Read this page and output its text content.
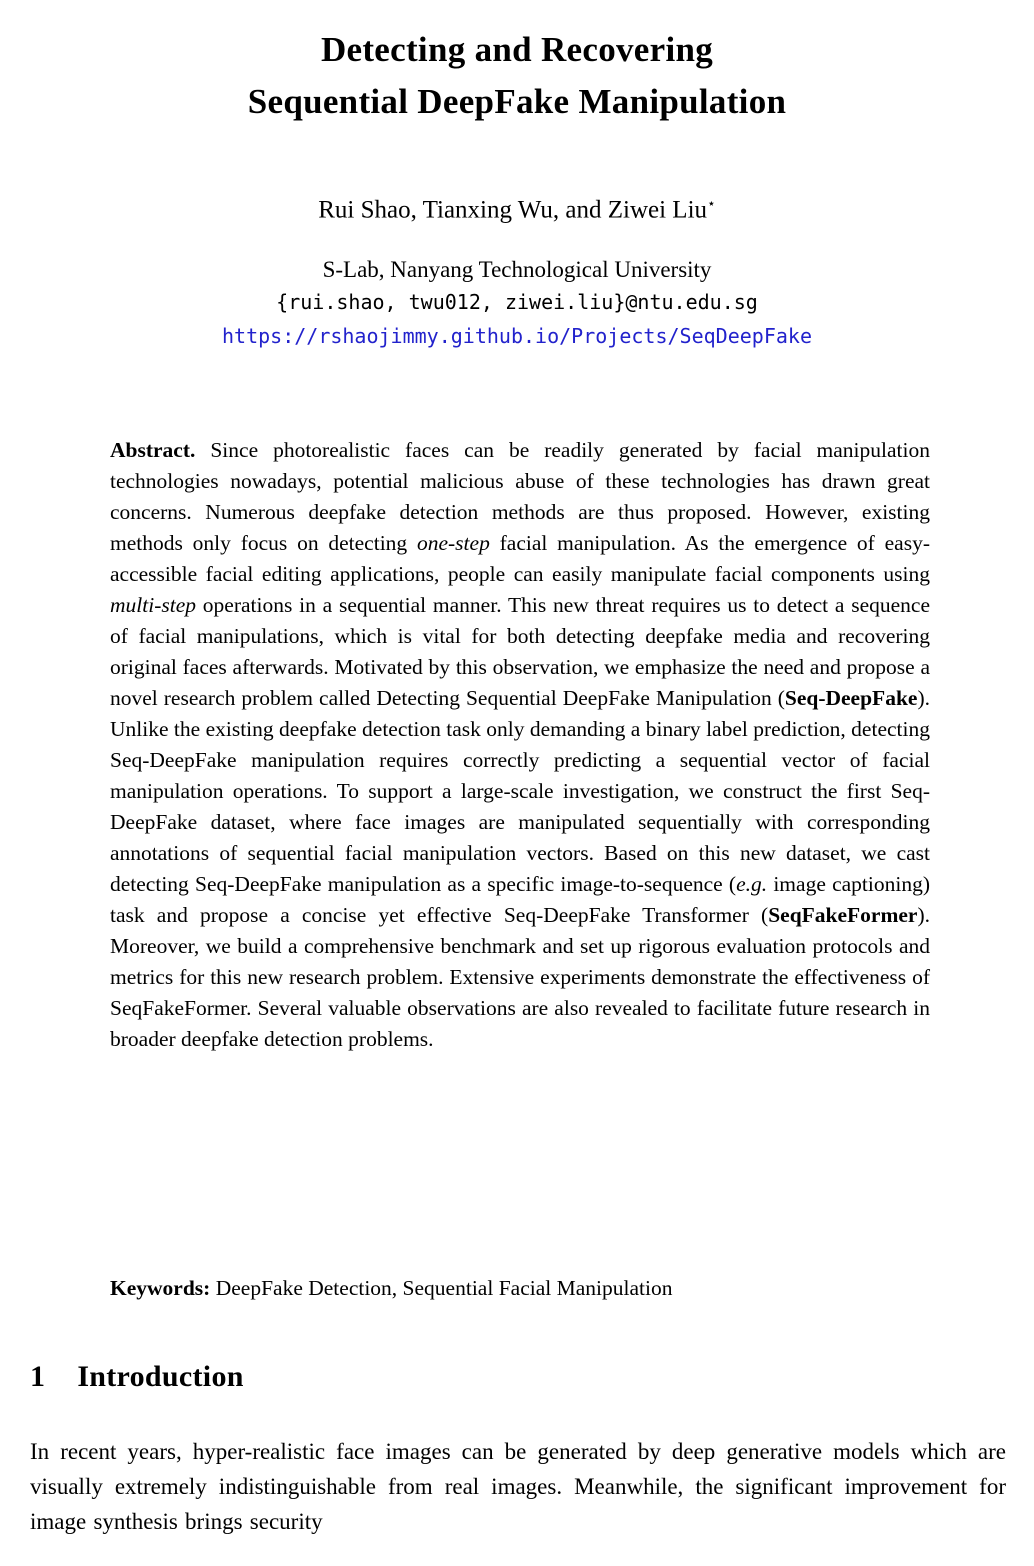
Detecting and Recovering
Sequential DeepFake Manipulation

Rui Shao, Tianxing Wu, and Ziwei Liu⋆

S-Lab, Nanyang Technological University
{rui.shao, twu012, ziwei.liu}@ntu.edu.sg
https://rshaojimmy.github.io/Projects/SeqDeepFake

Abstract. Since photorealistic faces can be readily generated by facial manipulation technologies nowadays, potential malicious abuse of these technologies has drawn great concerns. Numerous deepfake detection methods are thus proposed. However, existing methods only focus on detecting one-step facial manipulation. As the emergence of easy-accessible facial editing applications, people can easily manipulate facial components using multi-step operations in a sequential manner. This new threat requires us to detect a sequence of facial manipulations, which is vital for both detecting deepfake media and recovering original faces afterwards. Motivated by this observation, we emphasize the need and propose a novel research problem called Detecting Sequential DeepFake Manipulation (Seq-DeepFake). Unlike the existing deepfake detection task only demanding a binary label prediction, detecting Seq-DeepFake manipulation requires correctly predicting a sequential vector of facial manipulation operations. To support a large-scale investigation, we construct the first Seq-DeepFake dataset, where face images are manipulated sequentially with corresponding annotations of sequential facial manipulation vectors. Based on this new dataset, we cast detecting Seq-DeepFake manipulation as a specific image-to-sequence (e.g. image captioning) task and propose a concise yet effective Seq-DeepFake Transformer (SeqFakeFormer). Moreover, we build a comprehensive benchmark and set up rigorous evaluation protocols and metrics for this new research problem. Extensive experiments demonstrate the effectiveness of SeqFakeFormer. Several valuable observations are also revealed to facilitate future research in broader deepfake detection problems.

Keywords: DeepFake Detection, Sequential Facial Manipulation

1 Introduction

In recent years, hyper-realistic face images can be generated by deep generative models which are visually extremely indistinguishable from real images. Meanwhile, the significant improvement for image synthesis brings security
